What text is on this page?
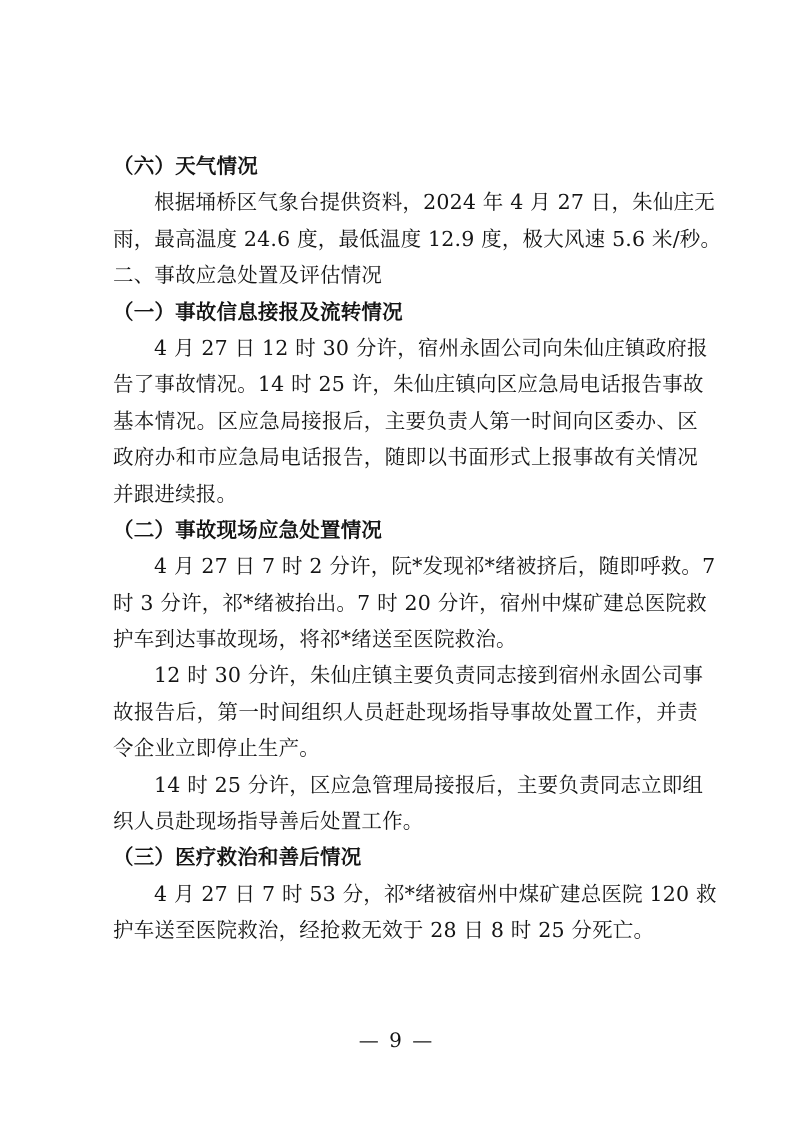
（六）天气情况
根据埇桥区气象台提供资料，2024 年 4 月 27 日，朱仙庄无
雨，最高温度 24.6 度，最低温度 12.9 度，极大风速 5.6 米/秒。
二、事故应急处置及评估情况
（一）事故信息接报及流转情况
4 月 27 日 12 时 30 分许，宿州永固公司向朱仙庄镇政府报
告了事故情况。14 时 25 许，朱仙庄镇向区应急局电话报告事故
基本情况。区应急局接报后，主要负责人第一时间向区委办、区
政府办和市应急局电话报告，随即以书面形式上报事故有关情况
并跟进续报。
（二）事故现场应急处置情况
4 月 27 日 7 时 2 分许，阮*发现祁*绪被挤后，随即呼救。7
时 3 分许，祁*绪被抬出。7 时 20 分许，宿州中煤矿建总医院救
护车到达事故现场，将祁*绪送至医院救治。
12 时 30 分许，朱仙庄镇主要负责同志接到宿州永固公司事
故报告后，第一时间组织人员赶赴现场指导事故处置工作，并责
令企业立即停止生产。
14 时 25 分许，区应急管理局接报后，主要负责同志立即组
织人员赴现场指导善后处置工作。
（三）医疗救治和善后情况
4 月 27 日 7 时 53 分，祁*绪被宿州中煤矿建总医院 120 救
护车送至医院救治，经抢救无效于 28 日 8 时 25 分死亡。
— 9 —
